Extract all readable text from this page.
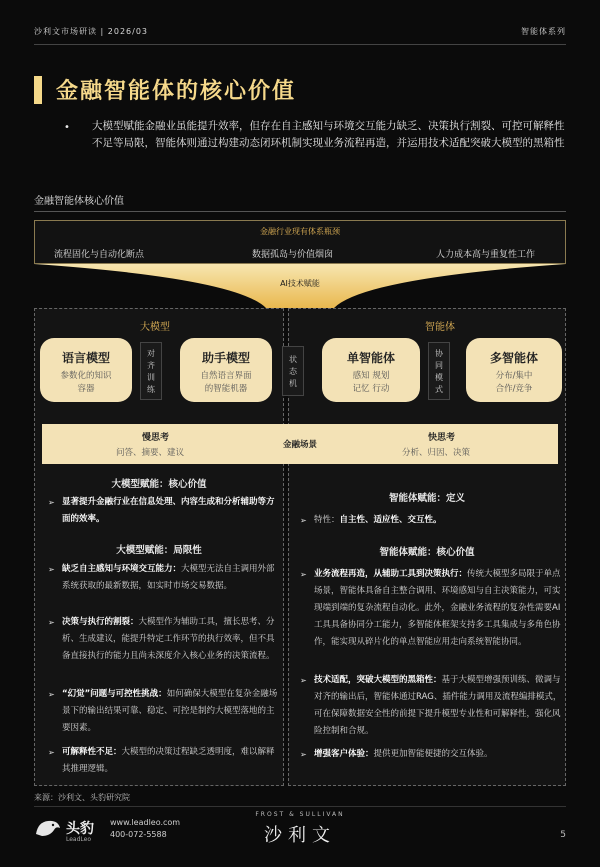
沙利文市场研读 | 2026/03	智能体系列
金融智能体的核心价值
• 大模型赋能金融业虽能提升效率，但存在自主感知与环境交互能力缺乏、决策执行割裂、可控可解释性不足等局限，智能体则通过构建动态闭环机制实现业务流程再造，并运用技术适配突破大模型的黑箱性
金融智能体核心价值
金融行业现有体系瓶颈
流程固化与自动化断点	数据孤岛与价值烟囱	人力成本高与重复性工作
AI技术赋能
大模型	智能体
语言模型
参数化的知识
容器
对
齐
训
练
助手模型
自然语言界面
的智能机器
状
态
机
单智能体
感知 规划
记忆 行动
协
同
模
式
多智能体
分布/集中
合作/竞争
慢思考
问答、摘要、建议
金融场景
快思考
分析、归因、决策
大模型赋能：核心价值
➢ 显著提升金融行业在信息处理、内容生成和分析辅助等方面的效率。
大模型赋能：局限性
➢ 缺乏自主感知与环境交互能力：大模型无法自主调用外部系统获取的最新数据，如实时市场交易数据。
➢ 决策与执行的割裂：大模型作为辅助工具，擅长思考、分析、生成建议，能提升特定工作环节的执行效率，但不具备直接执行的能力且尚未深度介入核心业务的决策流程。
➢ “幻觉”问题与可控性挑战：如何确保大模型在复杂金融场景下的输出结果可靠、稳定、可控是制约大模型落地的主要因素。
➢ 可解释性不足：大模型的决策过程缺乏透明度，难以解释其推理逻辑。
智能体赋能：定义
➢ 特性：自主性、适应性、交互性。
智能体赋能：核心价值
➢ 业务流程再造，从辅助工具到决策执行：传统大模型多局限于单点场景，智能体具备自主整合调用、环境感知与自主决策能力，可实现端到端的复杂流程自动化。此外，金融业务流程的复杂性需要AI工具具备协同分工能力，多智能体框架支持多工具集成与多角色协作，能实现从碎片化的单点智能应用走向系统智能协同。
➢ 技术适配，突破大模型的黑箱性：基于大模型增强预训练、微调与对齐的输出后，智能体通过RAG、插件能力调用及流程编排模式，可在保障数据安全性的前提下提升模型专业性和可解释性，强化风险控制和合规。
➢ 增强客户体验：提供更加智能便捷的交互体验。
来源：沙利文、头豹研究院
头豹
LeadLeo
www.leadleo.com
400-072-5588
FROST & SULLIVAN
沙利文	5
